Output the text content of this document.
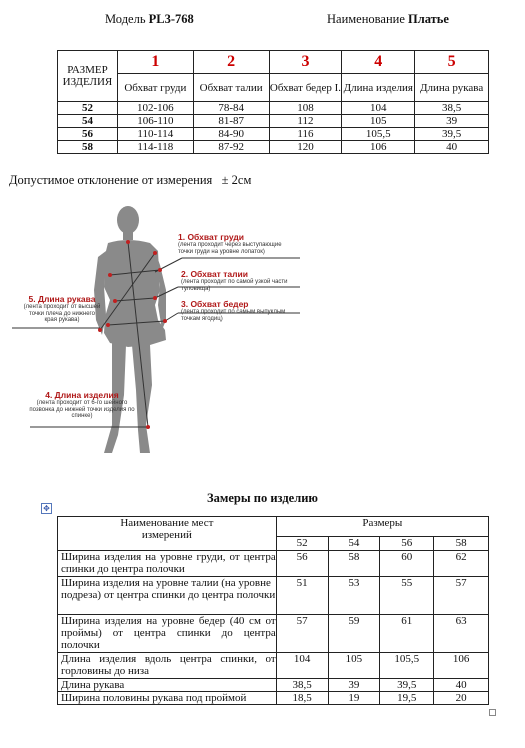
Модель PL3-768	Наименование Платье
РАЗМЕР ИЗДЕЛИЯ	1	2	3	4	5
	Обхват груди	Обхват талии	Обхват бедер I.	Длина изделия	Длина рукава
52	102-106	78-84	108	104	38,5
54	106-110	81-87	112	105	39
56	110-114	84-90	116	105,5	39,5
58	114-118	87-92	120	106	40
Допустимое отклонение от измерения   ± 2см
1. Обхват груди
(лента проходит через выступающие точки груди на уровне лопаток)
2. Обхват талии
(лента проходит по самой узкой части туловища)
3. Обхват бедер
(лента проходит по самым выпуклым точкам ягодиц)
5. Длина рукава
(лента проходит от высшей точки плеча до нижнего края рукава)
4. Длина изделия
(лента проходит от 6-го шейного позвонка до нижней точки изделия по спинке)
Замеры по изделию
✥
Наименование мест измерений	Размеры			
	52	54	56	58
Ширина изделия на уровне груди, от центра спинки до центра полочки	56	58	60	62
Ширина изделия на уровне талии (на уровне подреза) от центра спинки до центра полочки	51	53	55	57
Ширина изделия на уровне бедер (40 см от проймы) от центра спинки до центра полочки	57	59	61	63
Длина изделия вдоль центра спинки, от горловины до низа	104	105	105,5	106
Длина рукава	38,5	39	39,5	40
Ширина половины рукава под проймой	18,5	19	19,5	20
